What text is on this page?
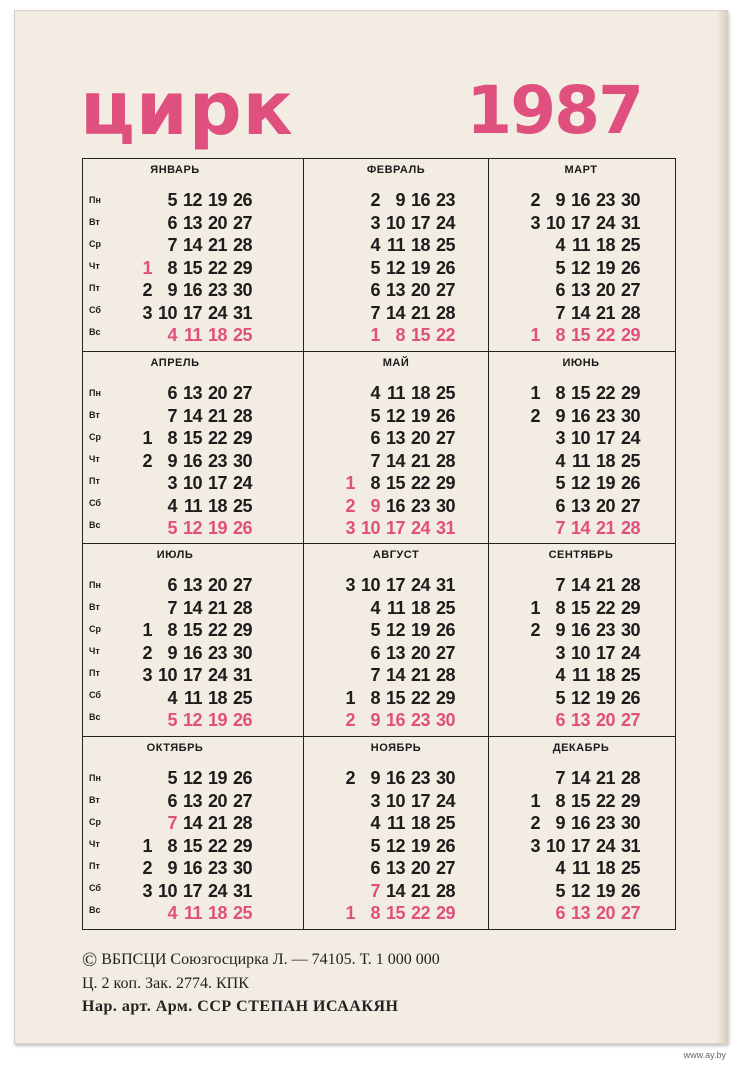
цирк	1987
Пн
Вт
Ср
Чт
Пт
Сб
Вс
ЯНВАРЬ
5 12 19 26
6 13 20 27
7 14 21 28
1 8 15 22 29
2 9 16 23 30
3 10 17 24 31
4 11 18 25
ФЕВРАЛЬ
2 9 16 23
3 10 17 24
4 11 18 25
5 12 19 26
6 13 20 27
7 14 21 28
1 8 15 22
МАРТ
2 9 16 23 30
3 10 17 24 31
4 11 18 25
5 12 19 26
6 13 20 27
7 14 21 28
1 8 15 22 29
Пн
Вт
Ср
Чт
Пт
Сб
Вс
АПРЕЛЬ
6 13 20 27
7 14 21 28
1 8 15 22 29
2 9 16 23 30
3 10 17 24
4 11 18 25
5 12 19 26
МАЙ
4 11 18 25
5 12 19 26
6 13 20 27
7 14 21 28
1 8 15 22 29
2 9 16 23 30
3 10 17 24 31
ИЮНЬ
1 8 15 22 29
2 9 16 23 30
3 10 17 24
4 11 18 25
5 12 19 26
6 13 20 27
7 14 21 28
Пн
Вт
Ср
Чт
Пт
Сб
Вс
ИЮЛЬ
6 13 20 27
7 14 21 28
1 8 15 22 29
2 9 16 23 30
3 10 17 24 31
4 11 18 25
5 12 19 26
АВГУСТ
3 10 17 24 31
4 11 18 25
5 12 19 26
6 13 20 27
7 14 21 28
1 8 15 22 29
2 9 16 23 30
СЕНТЯБРЬ
7 14 21 28
1 8 15 22 29
2 9 16 23 30
3 10 17 24
4 11 18 25
5 12 19 26
6 13 20 27
Пн
Вт
Ср
Чт
Пт
Сб
Вс
ОКТЯБРЬ
5 12 19 26
6 13 20 27
7 14 21 28
1 8 15 22 29
2 9 16 23 30
3 10 17 24 31
4 11 18 25
НОЯБРЬ
2 9 16 23 30
3 10 17 24
4 11 18 25
5 12 19 26
6 13 20 27
7 14 21 28
1 8 15 22 29
ДЕКАБРЬ
7 14 21 28
1 8 15 22 29
2 9 16 23 30
3 10 17 24 31
4 11 18 25
5 12 19 26
6 13 20 27
© ВБПСЦИ Союзгосцирка Л. — 74105. Т. 1 000 000
Ц. 2 коп. Зак. 2774. КПК
Нар. арт. Арм. ССР СТЕПАН ИСААКЯН
www.ay.by
